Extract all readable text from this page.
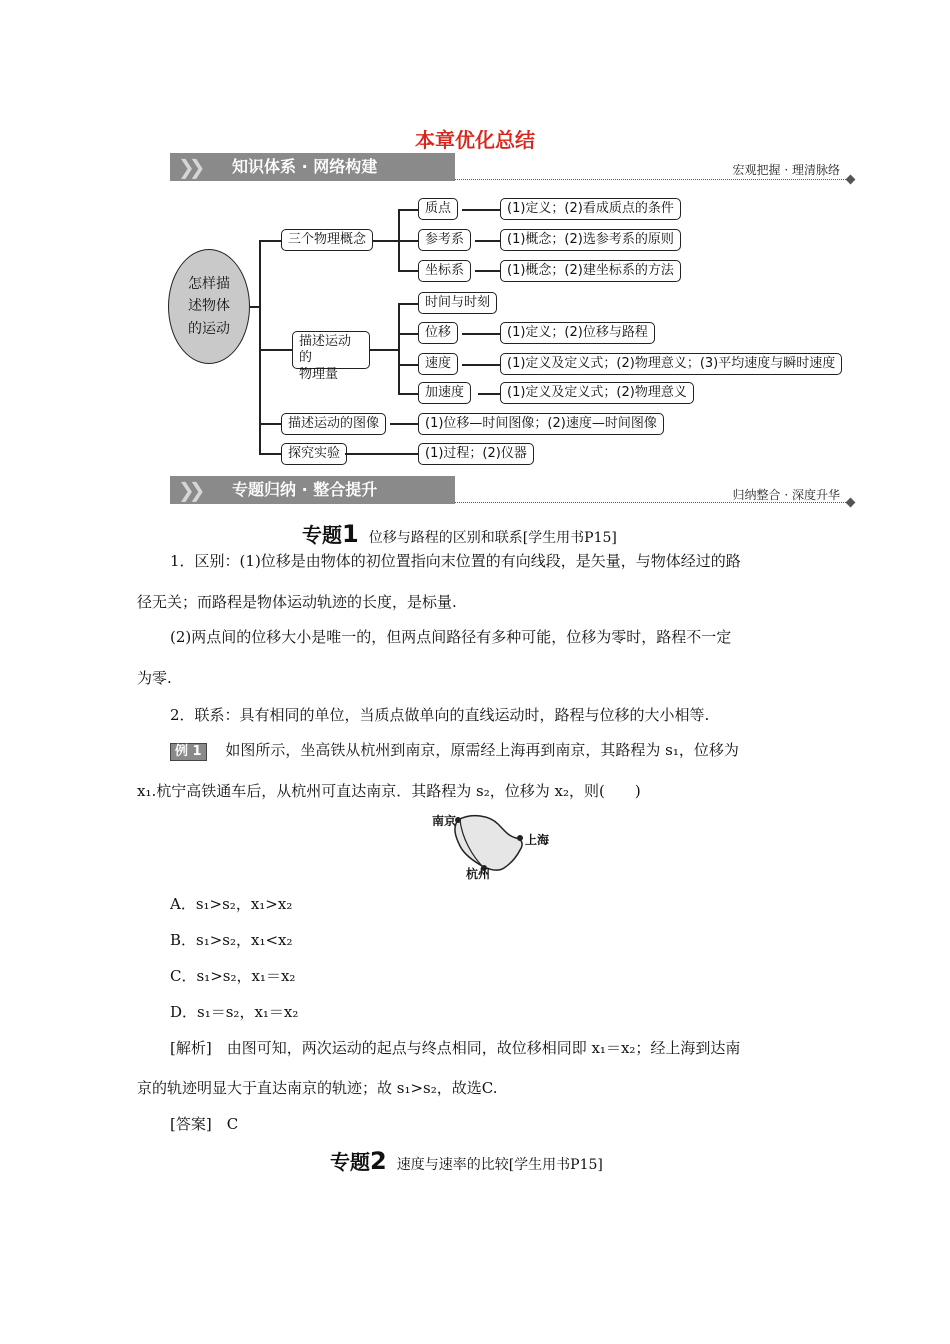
本章优化总结
❯❯ 知识体系 · 网络构建	宏观把握 · 理清脉络
怎样描
述物体
的运动
三个物理概念
描述运动的
物理量
描述运动的图像
探究实验
质点
参考系
坐标系
(1)定义；(2)看成质点的条件
(1)概念；(2)选参考系的原则
(1)概念；(2)建坐标系的方法
时间与时刻
位移
速度
加速度
(1)定义；(2)位移与路程
(1)定义及定义式；(2)物理意义；(3)平均速度与瞬时速度
(1)定义及定义式；(2)物理意义
(1)位移—时间图像；(2)速度—时间图像
(1)过程；(2)仪器
❯❯ 专题归纳 · 整合提升	归纳整合 · 深度升华
专题1 位移与路程的区别和联系[学生用书P15]
1．区别：(1)位移是由物体的初位置指向末位置的有向线段，是矢量，与物体经过的路
径无关；而路程是物体运动轨迹的长度，是标量.
(2)两点间的位移大小是唯一的，但两点间路径有多种可能，位移为零时，路程不一定
为零.
2．联系：具有相同的单位，当质点做单向的直线运动时，路程与位移的大小相等.
例 1 如图所示，坐高铁从杭州到南京，原需经上海再到南京，其路程为 s₁，位移为
x₁.杭宁高铁通车后，从杭州可直达南京．其路程为 s₂，位移为 x₂，则(　　)
南京
上海
杭州
A．s₁>s₂，x₁>x₂
B．s₁>s₂，x₁<x₂
C．s₁>s₂，x₁＝x₂
D．s₁＝s₂，x₁＝x₂
[解析]　由图可知，两次运动的起点与终点相同，故位移相同即 x₁＝x₂；经上海到达南
京的轨迹明显大于直达南京的轨迹；故 s₁>s₂，故选C.
[答案]　C
专题2 速度与速率的比较[学生用书P15]
